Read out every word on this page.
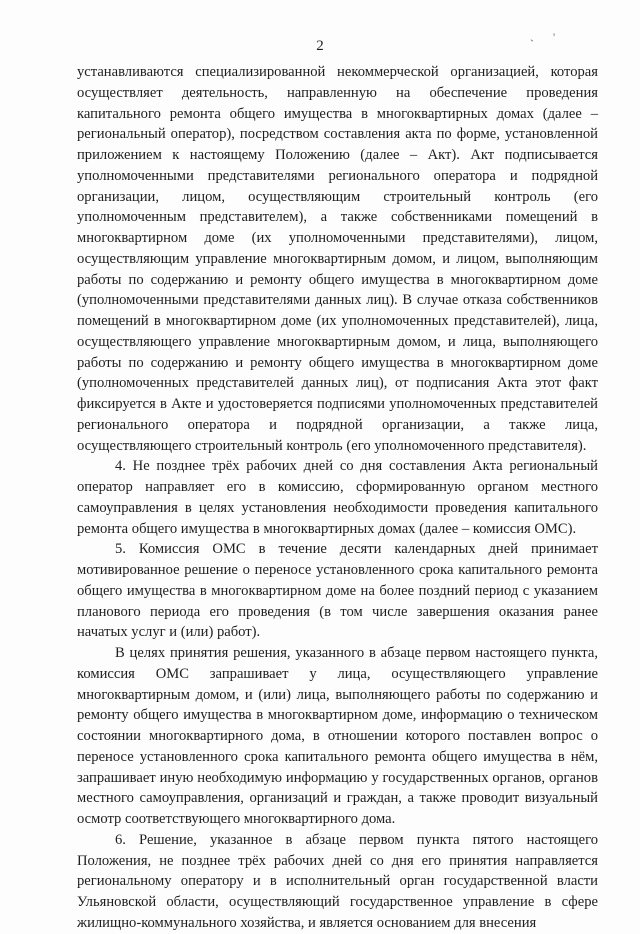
2
ˎ '

устанавливаются специализированной некоммерческой организацией, которая осуществляет деятельность, направленную на обеспечение проведения капитального ремонта общего имущества в многоквартирных домах (далее – региональный оператор), посредством составления акта по форме, установленной приложением к настоящему Положению (далее – Акт). Акт подписывается уполномоченными представителями регионального оператора и подрядной организации, лицом, осуществляющим строительный контроль (его уполномоченным представителем), а также собственниками помещений в многоквартирном доме (их уполномоченными представителями), лицом, осуществляющим управление многоквартирным домом, и лицом, выполняющим работы по содержанию и ремонту общего имущества в многоквартирном доме (уполномоченными представителями данных лиц). В случае отказа собственников помещений в многоквартирном доме (их уполномоченных представителей), лица, осуществляющего управление многоквартирным домом, и лица, выполняющего работы по содержанию и ремонту общего имущества в многоквартирном доме (уполномоченных представителей данных лиц), от подписания Акта этот факт фиксируется в Акте и удостоверяется подписями уполномоченных представителей регионального оператора и подрядной организации, а также лица, осуществляющего строительный контроль (его уполномоченного представителя).

4. Не позднее трёх рабочих дней со дня составления Акта региональный оператор направляет его в комиссию, сформированную органом местного самоуправления в целях установления необходимости проведения капитального ремонта общего имущества в многоквартирных домах (далее – комиссия ОМС).

5. Комиссия ОМС в течение десяти календарных дней принимает мотивированное решение о переносе установленного срока капитального ремонта общего имущества в многоквартирном доме на более поздний период с указанием планового периода его проведения (в том числе завершения оказания ранее начатых услуг и (или) работ).

В целях принятия решения, указанного в абзаце первом настоящего пункта, комиссия ОМС запрашивает у лица, осуществляющего управление многоквартирным домом, и (или) лица, выполняющего работы по содержанию и ремонту общего имущества в многоквартирном доме, информацию о техническом состоянии многоквартирного дома, в отношении которого поставлен вопрос о переносе установленного срока капитального ремонта общего имущества в нём, запрашивает иную необходимую информацию у государственных органов, органов местного самоуправления, организаций и граждан, а также проводит визуальный осмотр соответствующего многоквартирного дома.

6. Решение, указанное в абзаце первом пункта пятого настоящего Положения, не позднее трёх рабочих дней со дня его принятия направляется региональному оператору и в исполнительный орган государственной власти Ульяновской области, осуществляющий государственное управление в сфере жилищно-коммунального хозяйства, и является основанием для внесения
